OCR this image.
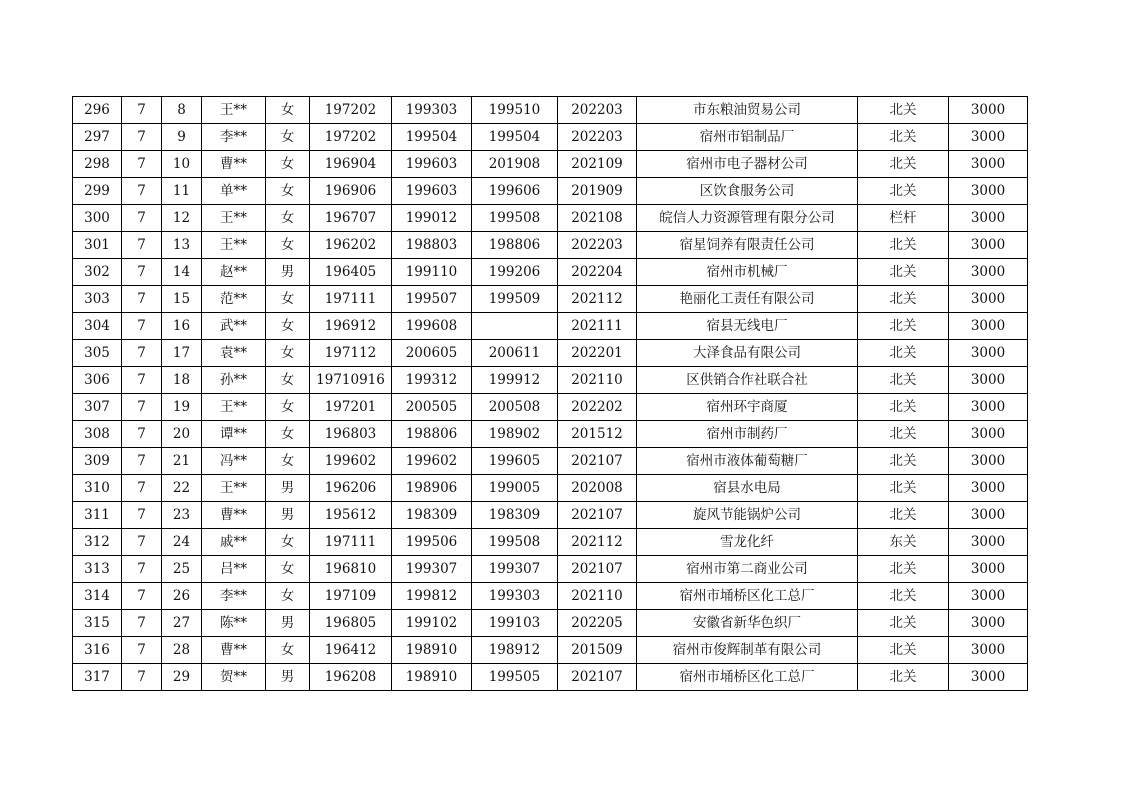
296	7	8	王**	女	197202	199303	199510	202203	市东粮油贸易公司	北关	3000
297	7	9	李**	女	197202	199504	199504	202203	宿州市铝制品厂	北关	3000
298	7	10	曹**	女	196904	199603	201908	202109	宿州市电子器材公司	北关	3000
299	7	11	单**	女	196906	199603	199606	201909	区饮食服务公司	北关	3000
300	7	12	王**	女	196707	199012	199508	202108	皖信人力资源管理有限分公司	栏杆	3000
301	7	13	王**	女	196202	198803	198806	202203	宿星饲养有限责任公司	北关	3000
302	7	14	赵**	男	196405	199110	199206	202204	宿州市机械厂	北关	3000
303	7	15	范**	女	197111	199507	199509	202112	艳丽化工责任有限公司	北关	3000
304	7	16	武**	女	196912	199608		202111	宿县无线电厂	北关	3000
305	7	17	袁**	女	197112	200605	200611	202201	大泽食品有限公司	北关	3000
306	7	18	孙**	女	19710916	199312	199912	202110	区供销合作社联合社	北关	3000
307	7	19	王**	女	197201	200505	200508	202202	宿州环宇商厦	北关	3000
308	7	20	谭**	女	196803	198806	198902	201512	宿州市制药厂	北关	3000
309	7	21	冯**	女	199602	199602	199605	202107	宿州市液体葡萄糖厂	北关	3000
310	7	22	王**	男	196206	198906	199005	202008	宿县水电局	北关	3000
311	7	23	曹**	男	195612	198309	198309	202107	旋风节能锅炉公司	北关	3000
312	7	24	戚**	女	197111	199506	199508	202112	雪龙化纤	东关	3000
313	7	25	吕**	女	196810	199307	199307	202107	宿州市第二商业公司	北关	3000
314	7	26	李**	女	197109	199812	199303	202110	宿州市埇桥区化工总厂	北关	3000
315	7	27	陈**	男	196805	199102	199103	202205	安徽省新华色织厂	北关	3000
316	7	28	曹**	女	196412	198910	198912	201509	宿州市俊辉制革有限公司	北关	3000
317	7	29	贺**	男	196208	198910	199505	202107	宿州市埇桥区化工总厂	北关	3000
